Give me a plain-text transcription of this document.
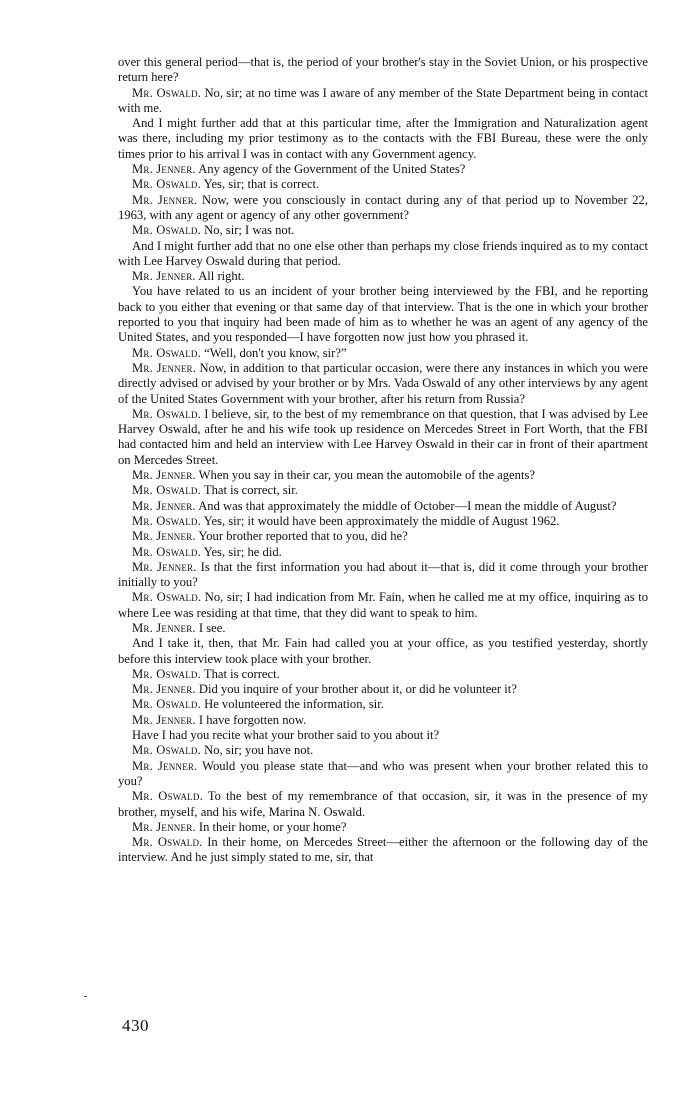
over this general period—that is, the period of your brother's stay in the Soviet Union, or his prospective return here?

Mr. Oswald. No, sir; at no time was I aware of any member of the State Department being in contact with me.

And I might further add that at this particular time, after the Immigration and Naturalization agent was there, including my prior testimony as to the contacts with the FBI Bureau, these were the only times prior to his arrival I was in contact with any Government agency.

Mr. Jenner. Any agency of the Government of the United States?

Mr. Oswald. Yes, sir; that is correct.

Mr. Jenner. Now, were you consciously in contact during any of that period up to November 22, 1963, with any agent or agency of any other government?

Mr. Oswald. No, sir; I was not.

And I might further add that no one else other than perhaps my close friends inquired as to my contact with Lee Harvey Oswald during that period.

Mr. Jenner. All right.

You have related to us an incident of your brother being interviewed by the FBI, and he reporting back to you either that evening or that same day of that interview. That is the one in which your brother reported to you that inquiry had been made of him as to whether he was an agent of any agency of the United States, and you responded—I have forgotten now just how you phrased it.

Mr. Oswald. “Well, don't you know, sir?”

Mr. Jenner. Now, in addition to that particular occasion, were there any instances in which you were directly advised or advised by your brother or by Mrs. Vada Oswald of any other interviews by any agent of the United States Government with your brother, after his return from Russia?

Mr. Oswald. I believe, sir, to the best of my remembrance on that question, that I was advised by Lee Harvey Oswald, after he and his wife took up residence on Mercedes Street in Fort Worth, that the FBI had contacted him and held an interview with Lee Harvey Oswald in their car in front of their apartment on Mercedes Street.

Mr. Jenner. When you say in their car, you mean the automobile of the agents?

Mr. Oswald. That is correct, sir.

Mr. Jenner. And was that approximately the middle of October—I mean the middle of August?

Mr. Oswald. Yes, sir; it would have been approximately the middle of August 1962.

Mr. Jenner. Your brother reported that to you, did he?

Mr. Oswald. Yes, sir; he did.

Mr. Jenner. Is that the first information you had about it—that is, did it come through your brother initially to you?

Mr. Oswald. No, sir; I had indication from Mr. Fain, when he called me at my office, inquiring as to where Lee was residing at that time, that they did want to speak to him.

Mr. Jenner. I see.

And I take it, then, that Mr. Fain had called you at your office, as you testified yesterday, shortly before this interview took place with your brother.

Mr. Oswald. That is correct.

Mr. Jenner. Did you inquire of your brother about it, or did he volunteer it?

Mr. Oswald. He volunteered the information, sir.

Mr. Jenner. I have forgotten now.

Have I had you recite what your brother said to you about it?

Mr. Oswald. No, sir; you have not.

Mr. Jenner. Would you please state that—and who was present when your brother related this to you?

Mr. Oswald. To the best of my remembrance of that occasion, sir, it was in the presence of my brother, myself, and his wife, Marina N. Oswald.

Mr. Jenner. In their home, or your home?

Mr. Oswald. In their home, on Mercedes Street—either the afternoon or the following day of the interview. And he just simply stated to me, sir, that

430
